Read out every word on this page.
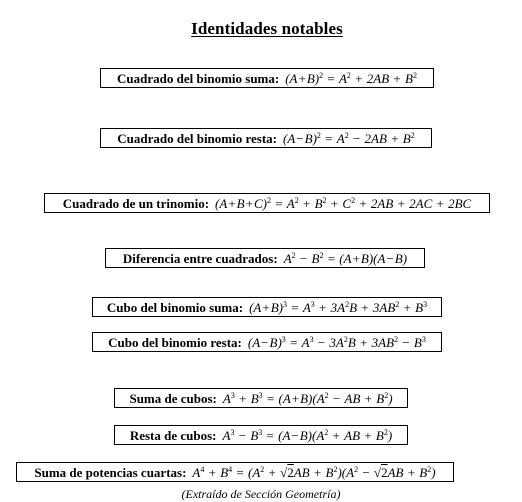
Identidades notables
Cuadrado del binomio suma: $(A+B)^2 = A^2 + 2AB + B^2$
Cuadrado del binomio resta: $(A-B)^2 = A^2 - 2AB + B^2$
Cuadrado de un trinomio: $(A+B+C)^2 = A^2 + B^2 + C^2 + 2AB + 2AC + 2BC$
Diferencia entre cuadrados: $A^2 - B^2 = (A+B)(A-B)$
Cubo del binomio suma: $(A+B)^3 = A^3 + 3A^2B + 3AB^2 + B^3$
Cubo del binomio resta: $(A-B)^3 = A^3 - 3A^2B + 3AB^2 - B^3$
Suma de cubos: $A^3 + B^3 = (A+B)(A^2$ − AB + $B^2$)
Resta de cubos: $A^3 - B^3 = (A-B)(A^2$ + AB + $B^2$)
Suma de potencias cuartas: $A^4 + B^4 = (A^2 + √2AB + B^2)(A^2 - √2AB + B^2)$
(Extraído de Sección Geometría)
